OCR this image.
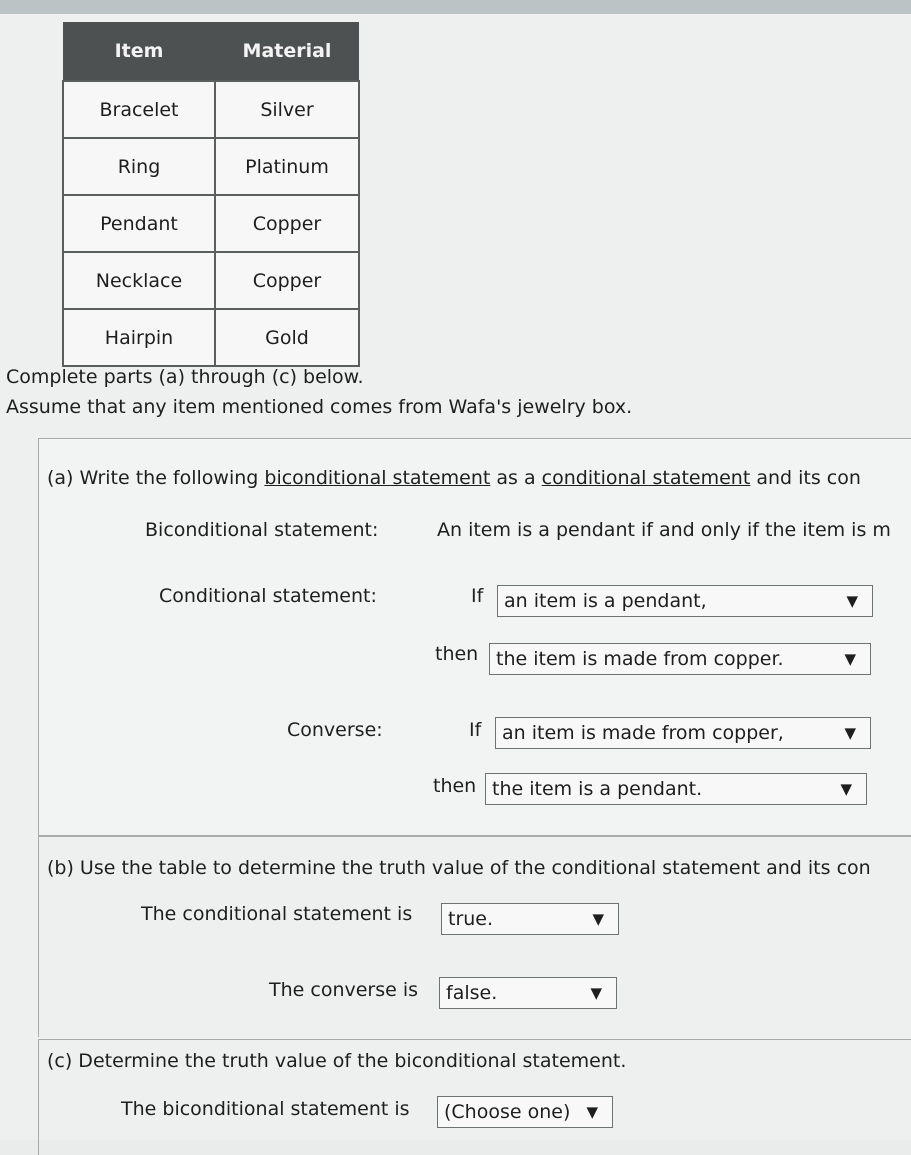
Item	Material
Bracelet	Silver
Ring	Platinum
Pendant	Copper
Necklace	Copper
Hairpin	Gold
Complete parts (a) through (c) below.
Assume that any item mentioned comes from Wafa's jewelry box.
(a) Write the following biconditional statement as a conditional statement and its con
Biconditional statement:	An item is a pendant if and only if the item is m
Conditional statement:	If	an item is a pendant,	▼
then the item is made from copper.	▼
Converse:	If	an item is made from copper,	▼
then the item is a pendant.	▼
(b) Use the table to determine the truth value of the conditional statement and its con
The conditional statement is	true.	▼
The converse is	false.	▼
(c) Determine the truth value of the biconditional statement.
The biconditional statement is	(Choose one) ▼
